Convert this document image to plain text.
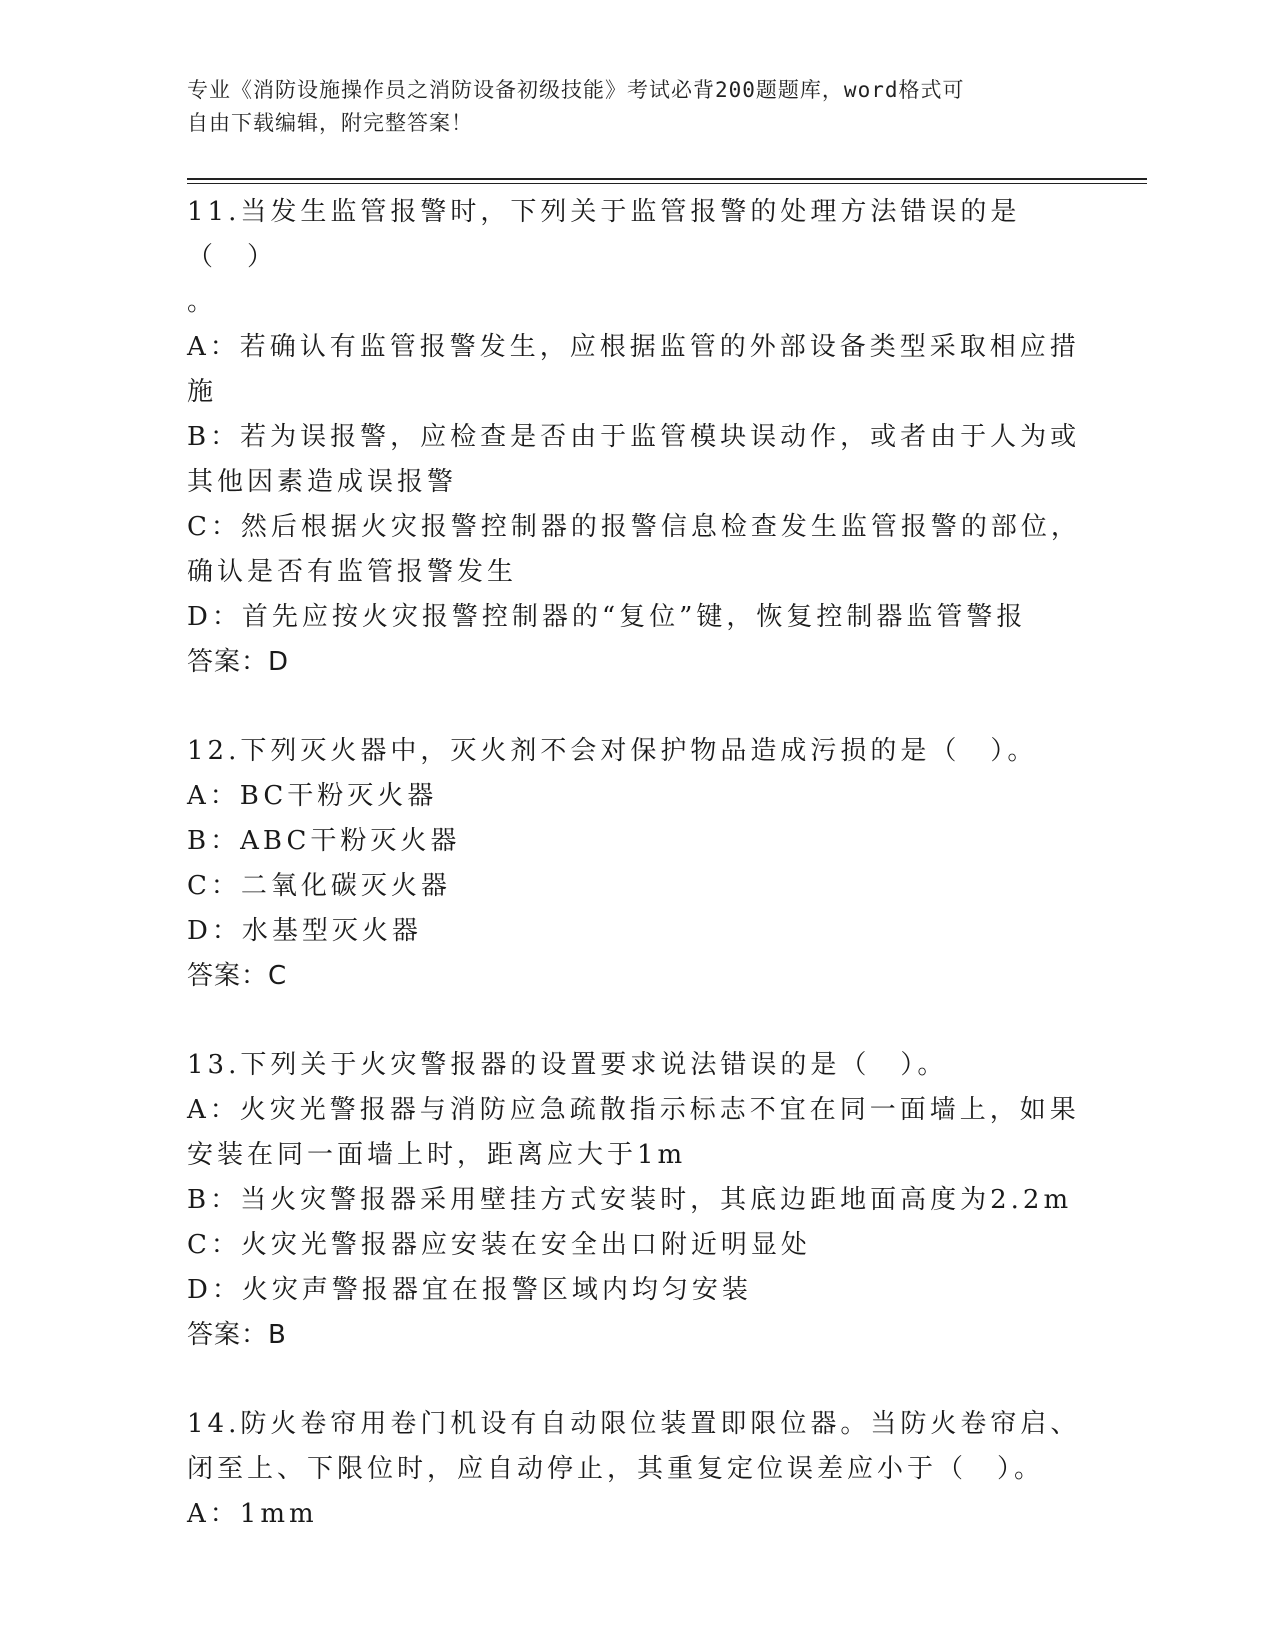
专业《消防设施操作员之消防设备初级技能》考试必背200题题库，word格式可
自由下载编辑，附完整答案！

11.当发生监管报警时，下列关于监管报警的处理方法错误的是（　）

。

A：若确认有监管报警发生，应根据监管的外部设备类型采取相应措施

B：若为误报警，应检查是否由于监管模块误动作，或者由于人为或其他因素造成误报警

C：然后根据火灾报警控制器的报警信息检查发生监管报警的部位，确认是否有监管报警发生

D：首先应按火灾报警控制器的“复位”键，恢复控制器监管警报

答案：D

12.下列灭火器中，灭火剂不会对保护物品造成污损的是（　）。

A：BC干粉灭火器

B：ABC干粉灭火器

C：二氧化碳灭火器

D：水基型灭火器

答案：C

13.下列关于火灾警报器的设置要求说法错误的是（　）。

A：火灾光警报器与消防应急疏散指示标志不宜在同一面墙上，如果安装在同一面墙上时，距离应大于1m

B：当火灾警报器采用壁挂方式安装时，其底边距地面高度为2.2m

C：火灾光警报器应安装在安全出口附近明显处

D：火灾声警报器宜在报警区域内均匀安装

答案：B

14.防火卷帘用卷门机设有自动限位装置即限位器。当防火卷帘启、闭至上、下限位时，应自动停止，其重复定位误差应小于（　）。

A：1mm
